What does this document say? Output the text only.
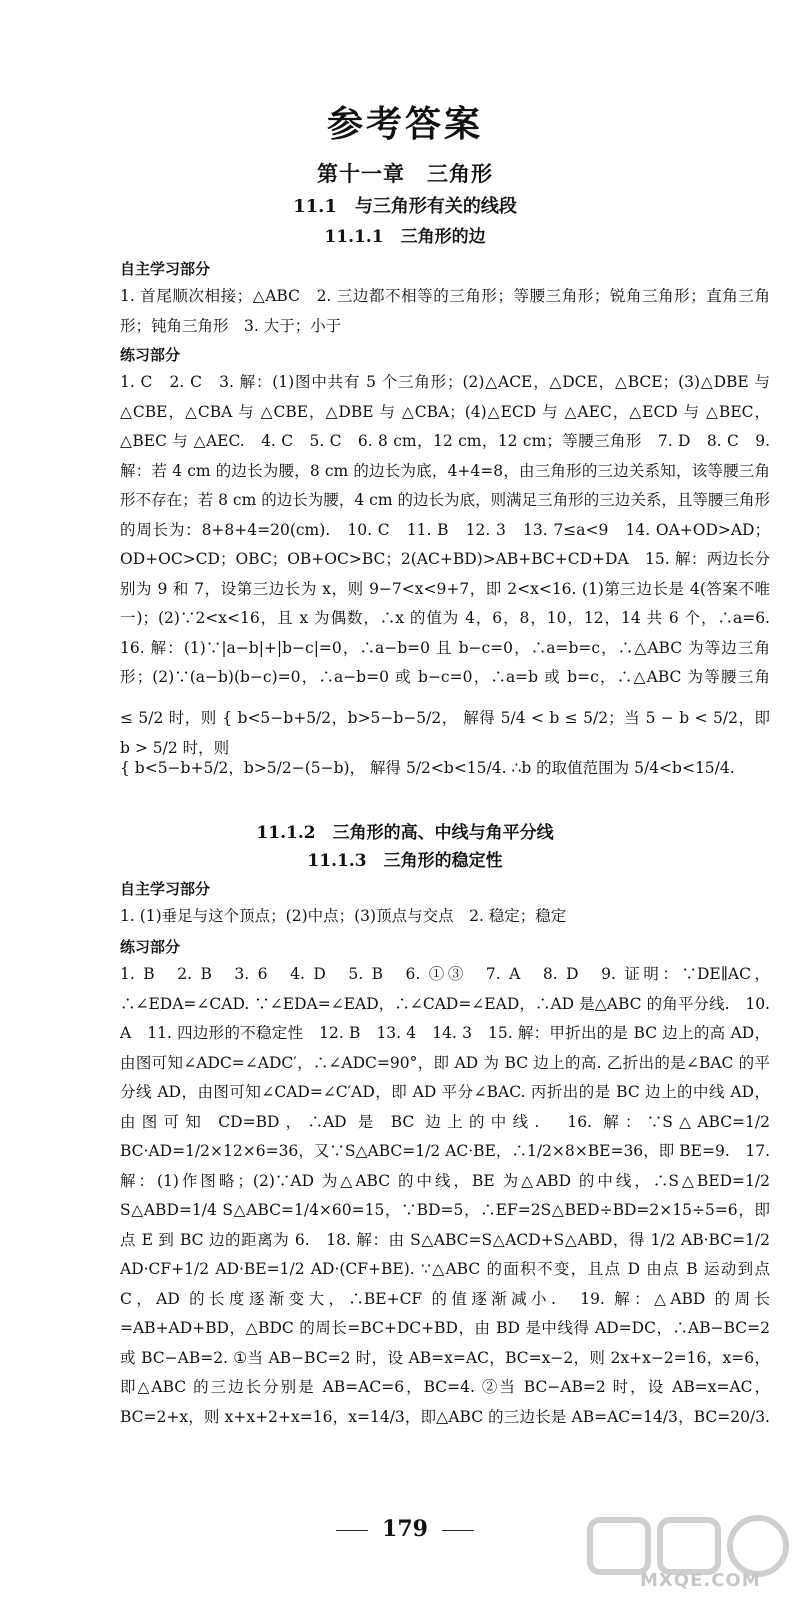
参考答案
第十一章　三角形
11.1　与三角形有关的线段
11.1.1　三角形的边
自主学习部分
1. 首尾顺次相接；△ABC　2. 三边都不相等的三角形；等腰三角形；锐角三角形；直角三角形；钝角三角形　3. 大于；小于
练习部分
1. C　2. C　3. 解：(1)图中共有 5 个三角形；(2)△ACE，△DCE，△BCE；(3)△DBE 与 △CBE，△CBA 与 △CBE，△DBE 与 △CBA；(4)△ECD 与 △AEC，△ECD 与 △BEC，△BEC 与 △AEC.　4. C　5. C　6. 8 cm，12 cm，12 cm；等腰三角形　7. D　8. C　9. 解：若 4 cm 的边长为腰，8 cm 的边长为底，4+4=8，由三角形的三边关系知，该等腰三角形不存在；若 8 cm 的边长为腰，4 cm 的边长为底，则满足三角形的三边关系，且等腰三角形的周长为：8+8+4=20(cm).　10. C　11. B　12. 3　13. 7≤a<9　14. OA+OD>AD；OD+OC>CD；OBC；OB+OC>BC；2(AC+BD)>AB+BC+CD+DA　15. 解：两边长分别为 9 和 7，设第三边长为 x，则 9−7<x<9+7，即 2<x<16. (1)第三边长是 4(答案不唯一)；(2)∵2<x<16，且 x 为偶数，∴x 的值为 4，6，8，10，12，14 共 6 个，∴a=6.　16. 解：(1)∵|a−b|+|b−c|=0，∴a−b=0 且 b−c=0，∴a=b=c，∴△ABC 为等边三角形；(2)∵(a−b)(b−c)=0，∴a−b=0 或 b−c=0，∴a=b 或 b=c，∴△ABC 为等腰三角 　
≤ 5/2 时，则 { b<5−b+5/2，b>5−b−5/2， 解得 5/4 < b ≤ 5/2；当 5 − b < 5/2，即 b > 5/2 时，则
{ b<5−b+5/2，b>5/2−(5−b)， 解得 5/2<b<15/4. ∴b 的取值范围为 5/4<b<15/4.
11.1.2　三角形的高、中线与角平分线
11.1.3　三角形的稳定性
自主学习部分
1. (1)垂足与这个顶点；(2)中点；(3)顶点与交点　2. 稳定；稳定
练习部分
1. B　2. B　3. 6　4. D　5. B　6. ①③　7. A　8. D　9. 证明：∵DE∥AC，∴∠EDA=∠CAD. ∵∠EDA=∠EAD，∴∠CAD=∠EAD，∴AD 是△ABC 的角平分线.　10. A　11. 四边形的不稳定性　12. B　13. 4　14. 3　15. 解：甲折出的是 BC 边上的高 AD，由图可知∠ADC=∠ADC′，∴∠ADC=90°，即 AD 为 BC 边上的高. 乙折出的是∠BAC 的平分线 AD，由图可知∠CAD=∠C′AD，即 AD 平分∠BAC. 丙折出的是 BC 边上的中线 AD，由图可知 CD=BD，∴AD 是 BC 边上的中线.　16. 解：∵S△ABC=1/2 BC·AD=1/2×12×6=36，又∵S△ABC=1/2 AC·BE，∴1/2×8×BE=36，即 BE=9.　17. 解：(1)作图略；(2)∵AD 为△ABC 的中线，BE 为△ABD 的中线，∴S△BED=1/2 S△ABD=1/4 S△ABC=1/4×60=15，∵BD=5，∴EF=2S△BED÷BD=2×15÷5=6，即点 E 到 BC 边的距离为 6.　18. 解：由 S△ABC=S△ACD+S△ABD，得 1/2 AB·BC=1/2 AD·CF+1/2 AD·BE=1/2 AD·(CF+BE). ∵△ABC 的面积不变，且点 D 由点 B 运动到点 C，AD 的长度逐渐变大，∴BE+CF 的值逐渐减小.　19. 解：△ABD 的周长=AB+AD+BD，△BDC 的周长=BC+DC+BD，由 BD 是中线得 AD=DC，∴AB−BC=2 或 BC−AB=2. ①当 AB−BC=2 时，设 AB=x=AC，BC=x−2，则 2x+x−2=16，x=6，即△ABC 的三边长分别是 AB=AC=6，BC=4. ②当 BC−AB=2 时，设 AB=x=AC，BC=2+x，则 x+x+2+x=16，x=14/3，即△ABC 的三边长是 AB=AC=14/3，BC=20/3.
179
MXQE.COM
